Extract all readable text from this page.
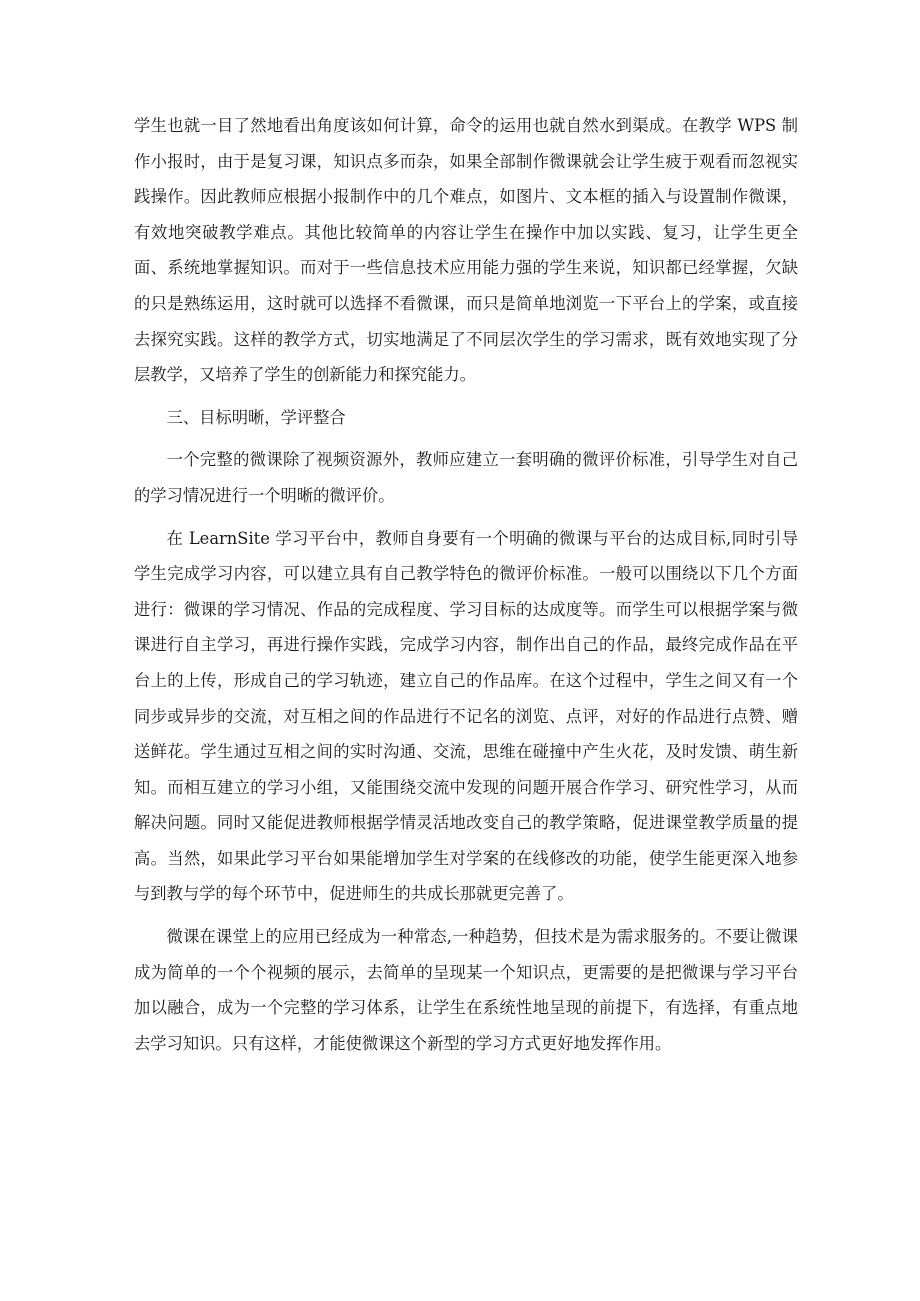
学生也就一目了然地看出角度该如何计算，命令的运用也就自然水到渠成。在教学 WPS 制作小报时，由于是复习课，知识点多而杂，如果全部制作微课就会让学生疲于观看而忽视实践操作。因此教师应根据小报制作中的几个难点，如图片、文本框的插入与设置制作微课，有效地突破教学难点。其他比较简单的内容让学生在操作中加以实践、复习，让学生更全面、系统地掌握知识。而对于一些信息技术应用能力强的学生来说，知识都已经掌握，欠缺的只是熟练运用，这时就可以选择不看微课，而只是简单地浏览一下平台上的学案，或直接去探究实践。这样的教学方式，切实地满足了不同层次学生的学习需求，既有效地实现了分层教学，又培养了学生的创新能力和探究能力。

三、目标明晰，学评整合

一个完整的微课除了视频资源外，教师应建立一套明确的微评价标准，引导学生对自己的学习情况进行一个明晰的微评价。

在 LearnSite 学习平台中，教师自身要有一个明确的微课与平台的达成目标,同时引导学生完成学习内容，可以建立具有自己教学特色的微评价标准。一般可以围绕以下几个方面进行：微课的学习情况、作品的完成程度、学习目标的达成度等。而学生可以根据学案与微课进行自主学习，再进行操作实践，完成学习内容，制作出自己的作品，最终完成作品在平台上的上传，形成自己的学习轨迹，建立自己的作品库。在这个过程中，学生之间又有一个同步或异步的交流，对互相之间的作品进行不记名的浏览、点评，对好的作品进行点赞、赠送鲜花。学生通过互相之间的实时沟通、交流，思维在碰撞中产生火花，及时发馈、萌生新知。而相互建立的学习小组，又能围绕交流中发现的问题开展合作学习、研究性学习，从而解决问题。同时又能促进教师根据学情灵活地改变自己的教学策略，促进课堂教学质量的提高。当然，如果此学习平台如果能增加学生对学案的在线修改的功能，使学生能更深入地参与到教与学的每个环节中，促进师生的共成长那就更完善了。

微课在课堂上的应用已经成为一种常态,一种趋势，但技术是为需求服务的。不要让微课成为简单的一个个视频的展示，去简单的呈现某一个知识点，更需要的是把微课与学习平台加以融合，成为一个完整的学习体系，让学生在系统性地呈现的前提下，有选择，有重点地去学习知识。只有这样，才能使微课这个新型的学习方式更好地发挥作用。
